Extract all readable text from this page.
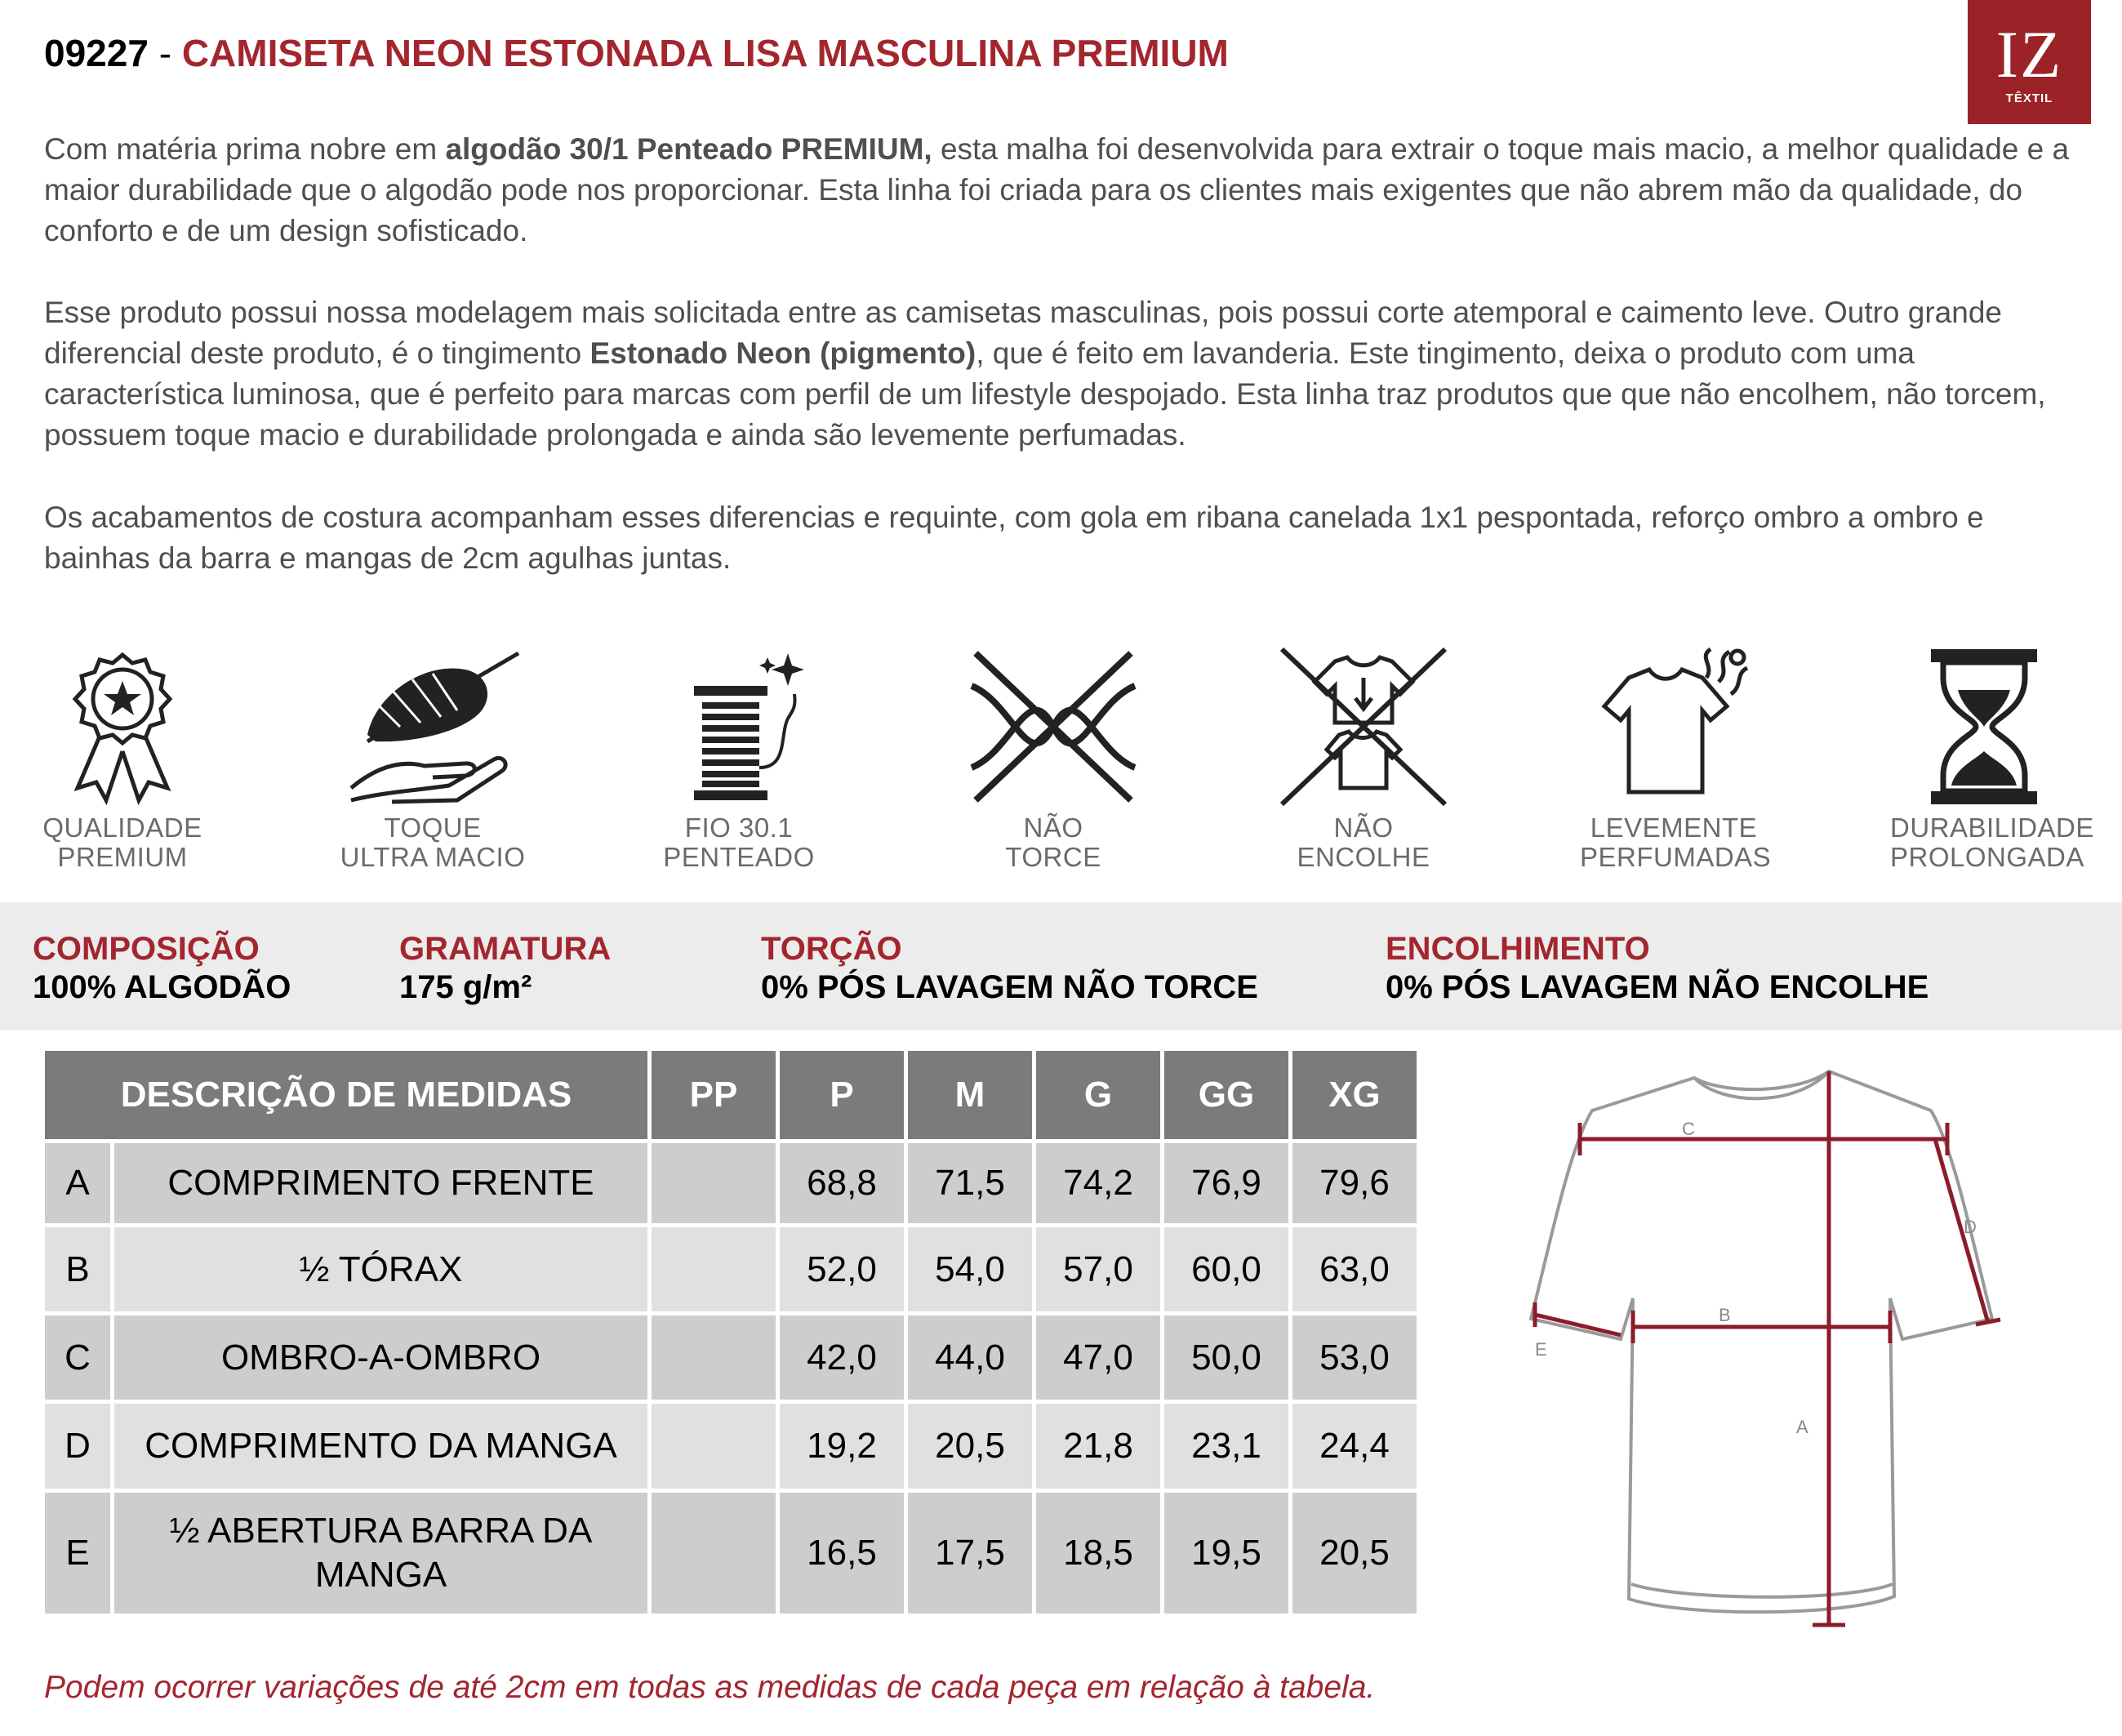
09227 - CAMISETA NEON ESTONADA LISA MASCULINA PREMIUM	IZ
TÊXTIL
Com matéria prima nobre em algodão 30/1 Penteado PREMIUM, esta malha foi desenvolvida para extrair o toque mais macio, a melhor qualidade e a maior durabilidade que o algodão pode nos proporcionar. Esta linha foi criada para os clientes mais exigentes que não abrem mão da qualidade, do conforto e de um design sofisticado.
Esse produto possui nossa modelagem mais solicitada entre as camisetas masculinas, pois possui corte atemporal e caimento leve. Outro grande diferencial deste produto, é o tingimento Estonado Neon (pigmento), que é feito em lavanderia. Este tingimento, deixa o produto com uma característica luminosa, que é perfeito para marcas com perfil de um lifestyle despojado. Esta linha traz produtos que que não encolhem, não torcem, possuem toque macio e durabilidade prolongada e ainda são levemente perfumadas.
Os acabamentos de costura acompanham esses diferencias e requinte, com gola em ribana canelada 1x1 pespontada, reforço ombro a ombro e bainhas da barra e mangas de 2cm agulhas juntas.
QUALIDADE
PREMIUM
TOQUE
ULTRA MACIO
FIO 30.1
PENTEADO
NÃO
TORCE
NÃO
ENCOLHE
LEVEMENTE
PERFUMADAS
DURABILIDADE
PROLONGADA
COMPOSIÇÃO
100% ALGODÃO
GRAMATURA
175 g/m²
TORÇÃO
0% PÓS LAVAGEM NÃO TORCE
ENCOLHIMENTO
0% PÓS LAVAGEM NÃO ENCOLHE
DESCRIÇÃO DE MEDIDAS		PP	P	M	G	GG	XG
A	COMPRIMENTO FRENTE		68,8	71,5	74,2	76,9	79,6
B	½ TÓRAX		52,0	54,0	57,0	60,0	63,0
C	OMBRO-A-OMBRO		42,0	44,0	47,0	50,0	53,0
D	COMPRIMENTO DA MANGA		19,2	20,5	21,8	23,1	24,4
E	½ ABERTURA BARRA DA MANGA		16,5	17,5	18,5	19,5	20,5
C
D
B
E
A
Podem ocorrer variações de até 2cm em todas as medidas de cada peça em relação à tabela.
